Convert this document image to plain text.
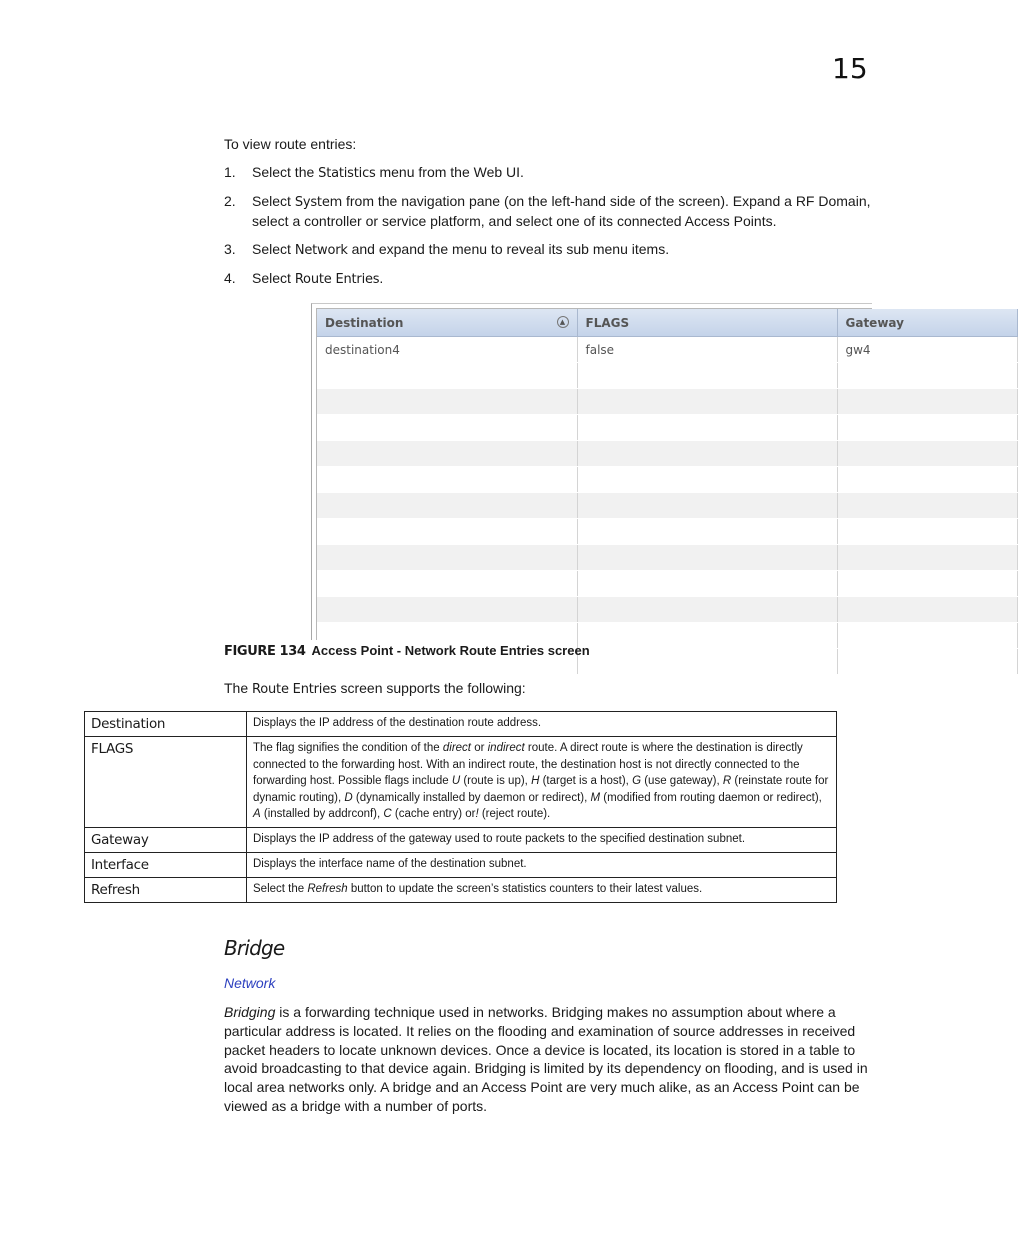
15
To view route entries:
1. Select the Statistics menu from the Web UI.
2. Select System from the navigation pane (on the left-hand side of the screen). Expand a RF Domain, select a controller or service platform, and select one of its connected Access Points.
3. Select Network and expand the menu to reveal its sub menu items.
4. Select Route Entries.
Destination ▲	FLAGS	Gateway
destination4	false	gw4

FIGURE 134 Access Point - Network Route Entries screen
The Route Entries screen supports the following:
Destination	Displays the IP address of the destination route address.
FLAGS	The flag signifies the condition of the direct or indirect route. A direct route is where the destination is directly connected to the forwarding host. With an indirect route, the destination host is not directly connected to the forwarding host. Possible flags include U (route is up), H (target is a host), G (use gateway), R (reinstate route for dynamic routing), D (dynamically installed by daemon or redirect), M (modified from routing daemon or redirect), A (installed by addrconf), C (cache entry) or! (reject route).
Gateway	Displays the IP address of the gateway used to route packets to the specified destination subnet.
Interface	Displays the interface name of the destination subnet.
Refresh	Select the Refresh button to update the screen’s statistics counters to their latest values.
Bridge
Network

Bridging is a forwarding technique used in networks. Bridging makes no assumption about where a particular address is located. It relies on the flooding and examination of source addresses in received packet headers to locate unknown devices. Once a device is located, its location is stored in a table to avoid broadcasting to that device again. Bridging is limited by its dependency on flooding, and is used in local area networks only. A bridge and an Access Point are very much alike, as an Access Point can be viewed as a bridge with a number of ports.
